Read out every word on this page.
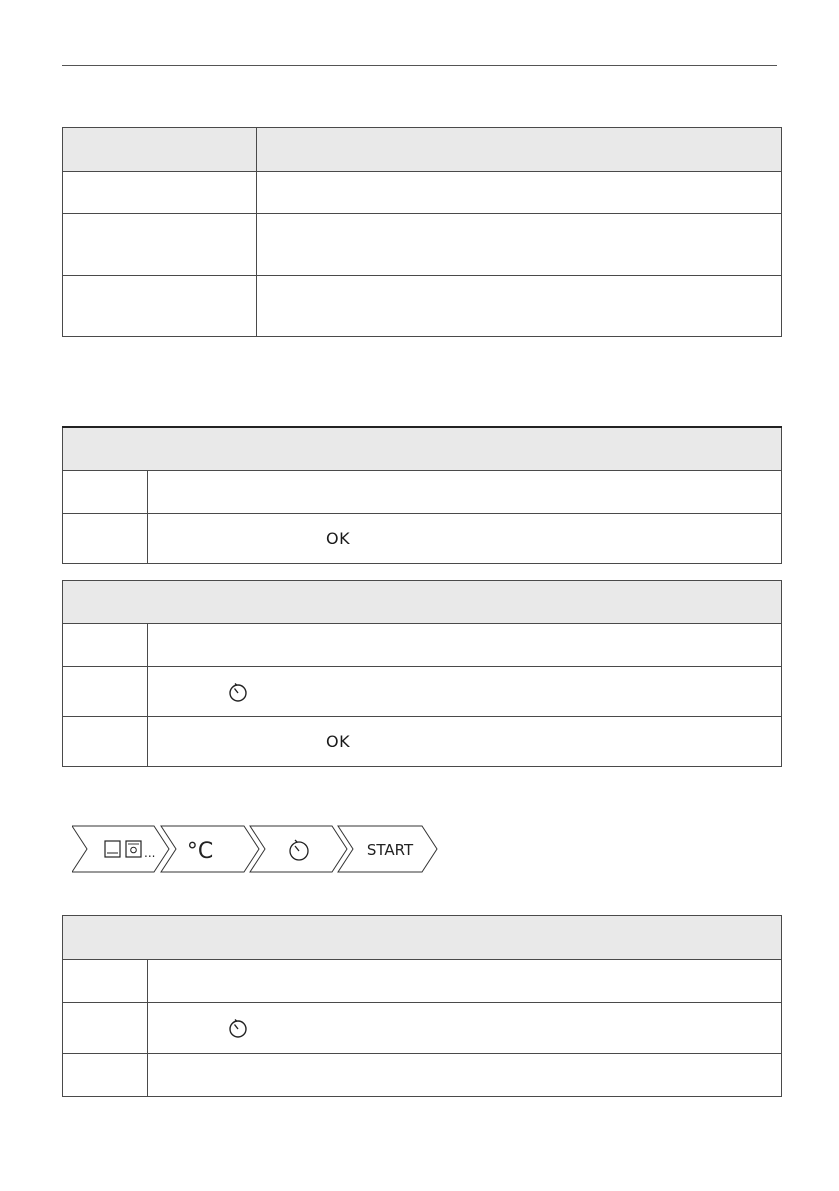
	OK

	OK
... °C	START
